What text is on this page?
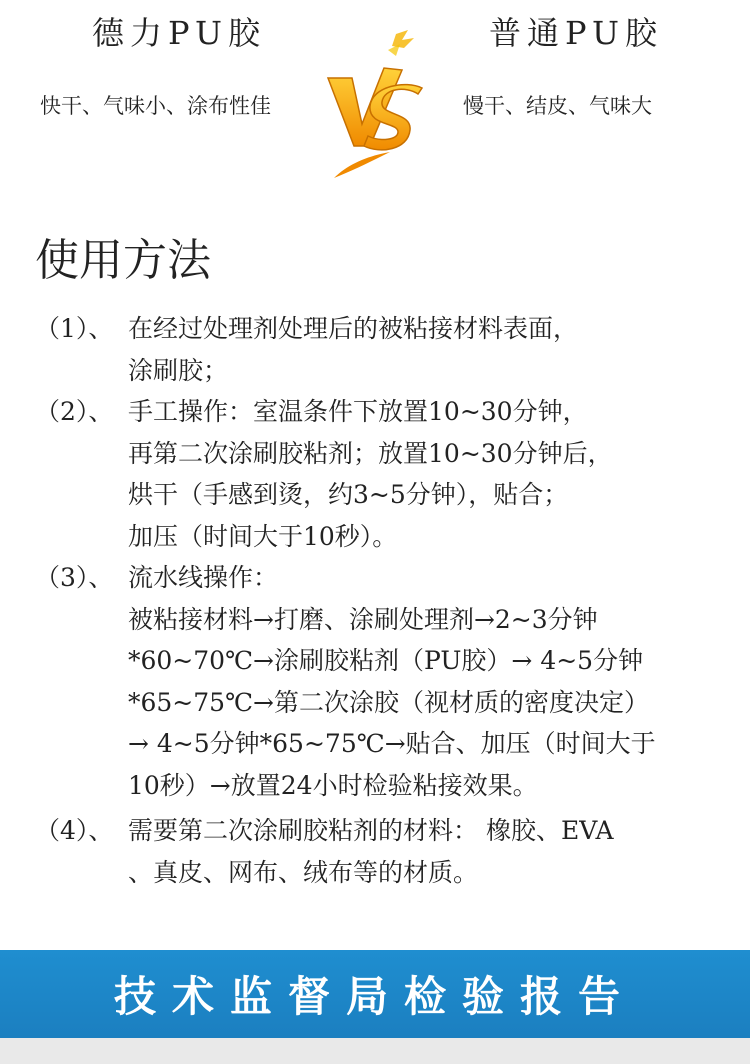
德力PU胶	普通PU胶
快干、气味小、涂布性佳	慢干、结皮、气味大
使用方法
（1）、 在经过处理剂处理后的被粘接材料表面，
涂刷胶；
（2）、 手工操作：室温条件下放置10~30分钟，
再第二次涂刷胶粘剂；放置10~30分钟后，
烘干（手感到烫，约3~5分钟），贴合；
加压（时间大于10秒）。
（3）、 流水线操作：
被粘接材料→打磨、涂刷处理剂→2~3分钟
*60~70℃→涂刷胶粘剂（PU胶）→ 4~5分钟
*65~75℃→第二次涂胶（视材质的密度决定）
→ 4~5分钟*65~75℃→贴合、加压（时间大于
10秒）→放置24小时检验粘接效果。
（4）、 需要第二次涂刷胶粘剂的材料： 橡胶、EVA
、真皮、网布、绒布等的材质。
技术监督局检验报告
